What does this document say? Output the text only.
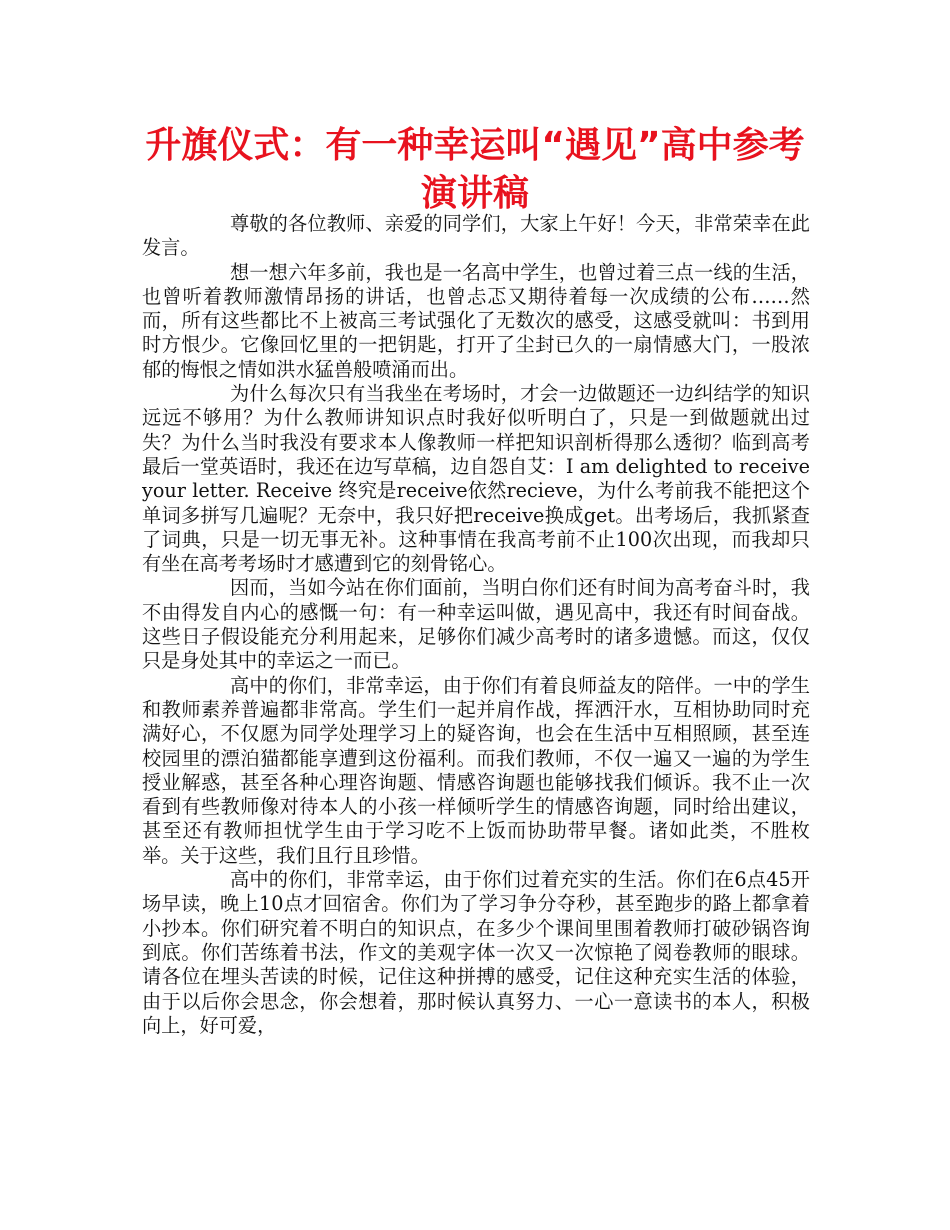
升旗仪式：有一种幸运叫“遇见”高中参考演讲稿

尊敬的各位教师、亲爱的同学们，大家上午好！今天，非常荣幸在此发言。

想一想六年多前，我也是一名高中学生，也曾过着三点一线的生活，也曾听着教师激情昂扬的讲话，也曾忐忑又期待着每一次成绩的公布……然而，所有这些都比不上被高三考试强化了无数次的感受，这感受就叫：书到用时方恨少。它像回忆里的一把钥匙，打开了尘封已久的一扇情感大门，一股浓郁的悔恨之情如洪水猛兽般喷涌而出。

为什么每次只有当我坐在考场时，才会一边做题还一边纠结学的知识远远不够用？为什么教师讲知识点时我好似听明白了，只是一到做题就出过失？为什么当时我没有要求本人像教师一样把知识剖析得那么透彻？临到高考最后一堂英语时，我还在边写草稿，边自怨自艾：I am delighted to receive your letter. Receive 终究是receive依然recieve，为什么考前我不能把这个单词多拼写几遍呢？无奈中，我只好把receive换成get。出考场后，我抓紧查了词典，只是一切无事无补。这种事情在我高考前不止100次出现，而我却只有坐在高考考场时才感遭到它的刻骨铭心。

因而，当如今站在你们面前，当明白你们还有时间为高考奋斗时，我不由得发自内心的感慨一句：有一种幸运叫做，遇见高中，我还有时间奋战。这些日子假设能充分利用起来，足够你们减少高考时的诸多遗憾。而这，仅仅只是身处其中的幸运之一而已。

高中的你们，非常幸运，由于你们有着良师益友的陪伴。一中的学生和教师素养普遍都非常高。学生们一起并肩作战，挥洒汗水，互相协助同时充满好心，不仅愿为同学处理学习上的疑咨询，也会在生活中互相照顾，甚至连校园里的漂泊猫都能享遭到这份福利。而我们教师，不仅一遍又一遍的为学生授业解惑，甚至各种心理咨询题、情感咨询题也能够找我们倾诉。我不止一次看到有些教师像对待本人的小孩一样倾听学生的情感咨询题，同时给出建议，甚至还有教师担忧学生由于学习吃不上饭而协助带早餐。诸如此类，不胜枚举。关于这些，我们且行且珍惜。

高中的你们，非常幸运，由于你们过着充实的生活。你们在6点45开场早读，晚上10点才回宿舍。你们为了学习争分夺秒，甚至跑步的路上都拿着小抄本。你们研究着不明白的知识点，在多少个课间里围着教师打破砂锅咨询到底。你们苦练着书法，作文的美观字体一次又一次惊艳了阅卷教师的眼球。请各位在埋头苦读的时候，记住这种拼搏的感受，记住这种充实生活的体验，由于以后你会思念，你会想着，那时候认真努力、一心一意读书的本人，积极向上，好可爱，
